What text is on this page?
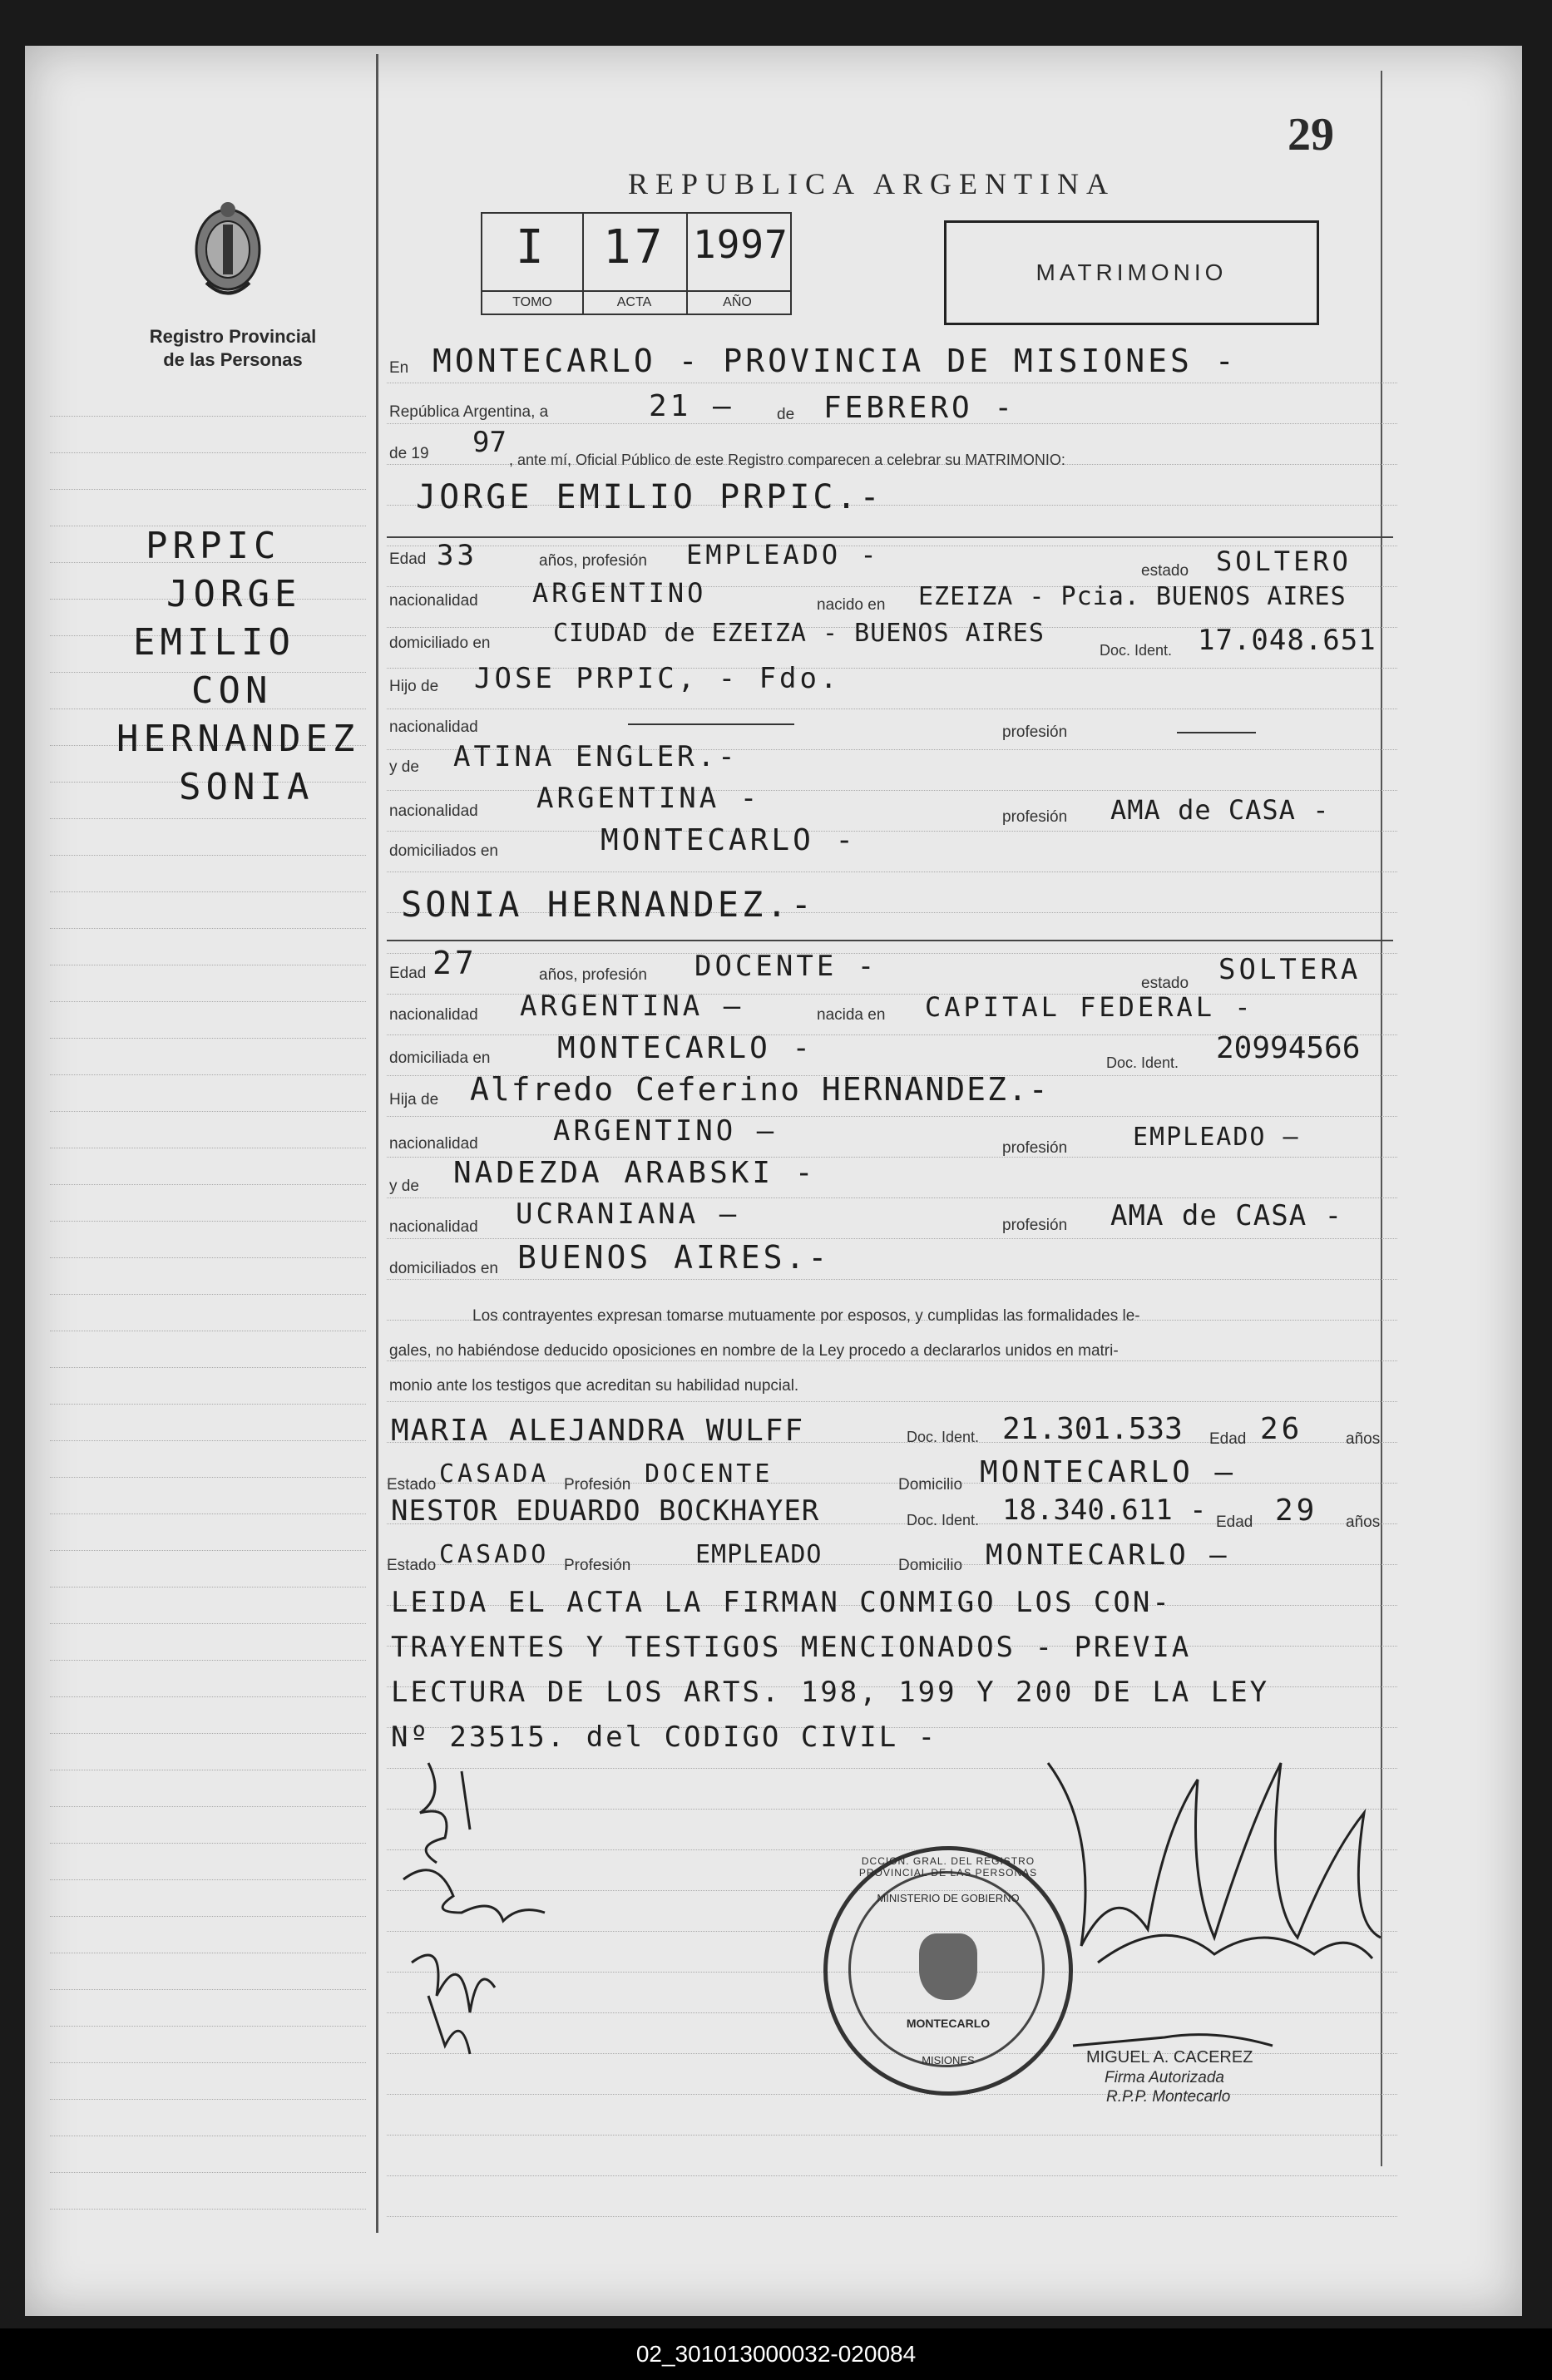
29
Registro Provincial
de las Personas
PRPIC
JORGE
EMILIO
CON
HERNANDEZ
SONIA
REPUBLICA ARGENTINA
I
TOMO
17
ACTA
1997
AÑO
MATRIMONIO
En MONTECARLO - PROVINCIA DE MISIONES -
República Argentina, a	21 —	de FEBRERO -
de 19 97
, ante mí, Oficial Público de este Registro comparecen a celebrar su MATRIMONIO:
JORGE EMILIO PRPIC.-
Edad 33	años, profesión EMPLEADO -
estado SOLTERO
nacionalidad ARGENTINO	nacido en EZEIZA - Pcia. BUENOS AIRES
domiciliado en	CIUDAD de EZEIZA - BUENOS AIRES
Doc. Ident. 17.048.651
Hijo de JOSE PRPIC, - Fdo.
nacionalidad	profesión
y de ATINA ENGLER.-
nacionalidad ARGENTINA -
profesión AMA de CASA -
domiciliados en	MONTECARLO -
SONIA HERNANDEZ.-
Edad 27	años, profesión DOCENTE -
estado SOLTERA
nacionalidad ARGENTINA —	nacida en CAPITAL FEDERAL -
domiciliada en MONTECARLO -	Doc. Ident. 20994566
Hija de Alfredo Ceferino HERNANDEZ.-
nacionalidad	ARGENTINO —
profesión	EMPLEADO —
y de NADEZDA ARABSKI -
nacionalidad UCRANIANA —	profesión AMA de CASA -
domiciliados en BUENOS AIRES.-
Los contrayentes expresan tomarse mutuamente por esposos, y cumplidas las formalidades le-
gales, no habiéndose deducido oposiciones en nombre de la Ley procedo a declararlos unidos en matri-
monio ante los testigos que acreditan su habilidad nupcial.
MARIA ALEJANDRA WULFF	Doc. Ident. 21.301.533 Edad 26	años
Estado CASADA Profesión DOCENTE	Domicilio MONTECARLO —
NESTOR EDUARDO BOCKHAYER	Doc. Ident. 18.340.611 - Edad 29 años
Estado CASADO Profesión	EMPLEADO	Domicilio MONTECARLO —
LEIDA EL ACTA LA FIRMAN CONMIGO LOS CON-
TRAYENTES Y TESTIGOS MENCIONADOS - PREVIA
LECTURA DE LOS ARTS. 198, 199 Y 200 DE LA LEY
Nº 23515. del CODIGO CIVIL -
DCCION. GRAL. DEL REGISTRO PROVINCIAL DE LAS PERSONAS
MINISTERIO DE GOBIERNO
MONTECARLO
MISIONES	MIGUEL A. CACEREZ
Firma Autorizada
R.P.P. Montecarlo
02_301013000032-020084
